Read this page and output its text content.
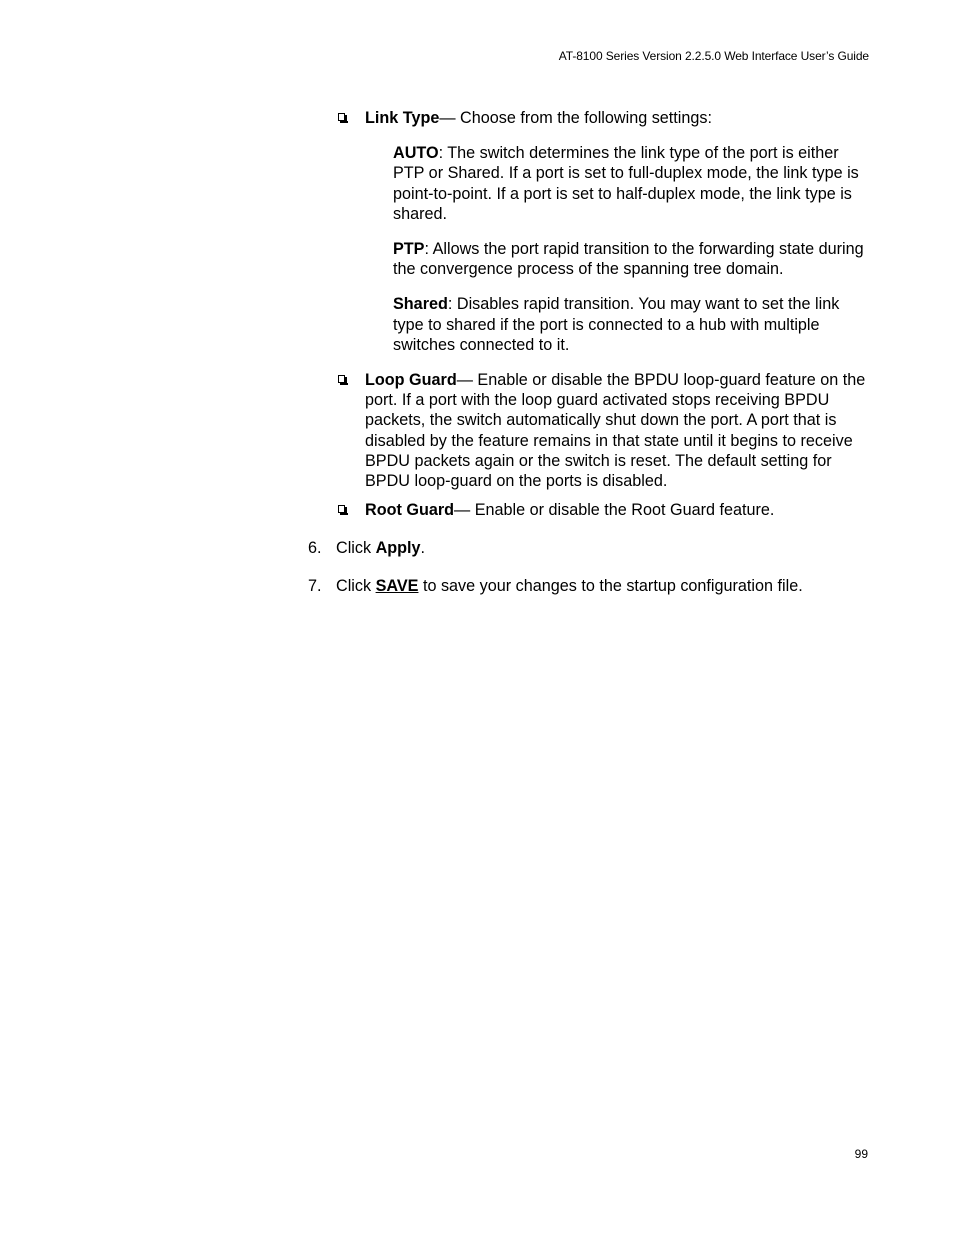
AT-8100 Series Version 2.2.5.0 Web Interface User’s Guide
Link Type— Choose from the following settings:

AUTO: The switch determines the link type of the port is either PTP or Shared. If a port is set to full-duplex mode, the link type is point-to-point. If a port is set to half-duplex mode, the link type is shared.

PTP: Allows the port rapid transition to the forwarding state during the convergence process of the spanning tree domain.

Shared: Disables rapid transition. You may want to set the link type to shared if the port is connected to a hub with multiple switches connected to it.

Loop Guard— Enable or disable the BPDU loop-guard feature on the port. If a port with the loop guard activated stops receiving BPDU packets, the switch automatically shut down the port. A port that is disabled by the feature remains in that state until it begins to receive BPDU packets again or the switch is reset. The default setting for BPDU loop-guard on the ports is disabled.
Root Guard— Enable or disable the Root Guard feature.
6. Click Apply.
7. Click SAVE to save your changes to the startup configuration file.
99
